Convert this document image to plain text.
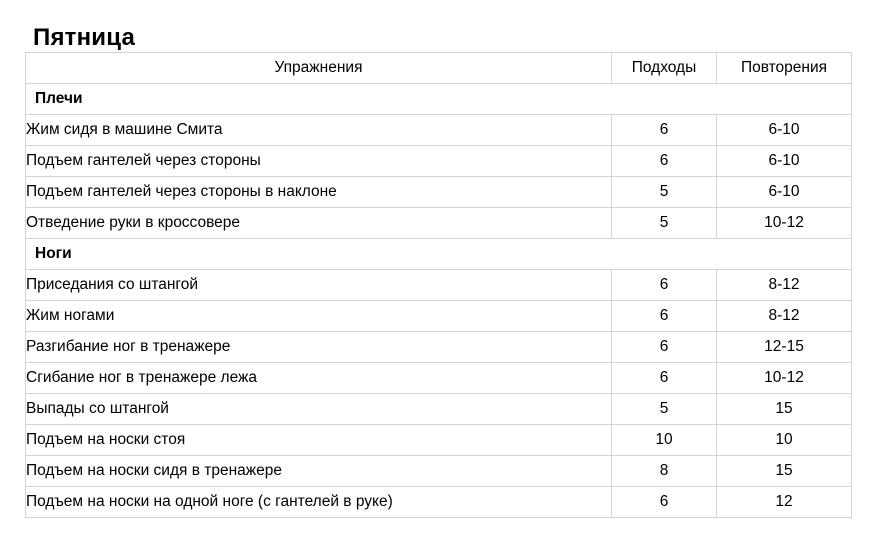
Пятница
Упражнения	Подходы	Повторения
Плечи		
Жим сидя в машине Смита	6	6-10
Подъем гантелей через стороны	6	6-10
Подъем гантелей через стороны в наклоне	5	6-10
Отведение руки в кроссовере	5	10-12
Ноги		
Приседания со штангой	6	8-12
Жим ногами	6	8-12
Разгибание ног в тренажере	6	12-15
Сгибание ног в тренажере лежа	6	10-12
Выпады со штангой	5	15
Подъем на носки стоя	10	10
Подъем на носки сидя в тренажере	8	15
Подъем на носки на одной ноге (с гантелей в руке)	6	12
